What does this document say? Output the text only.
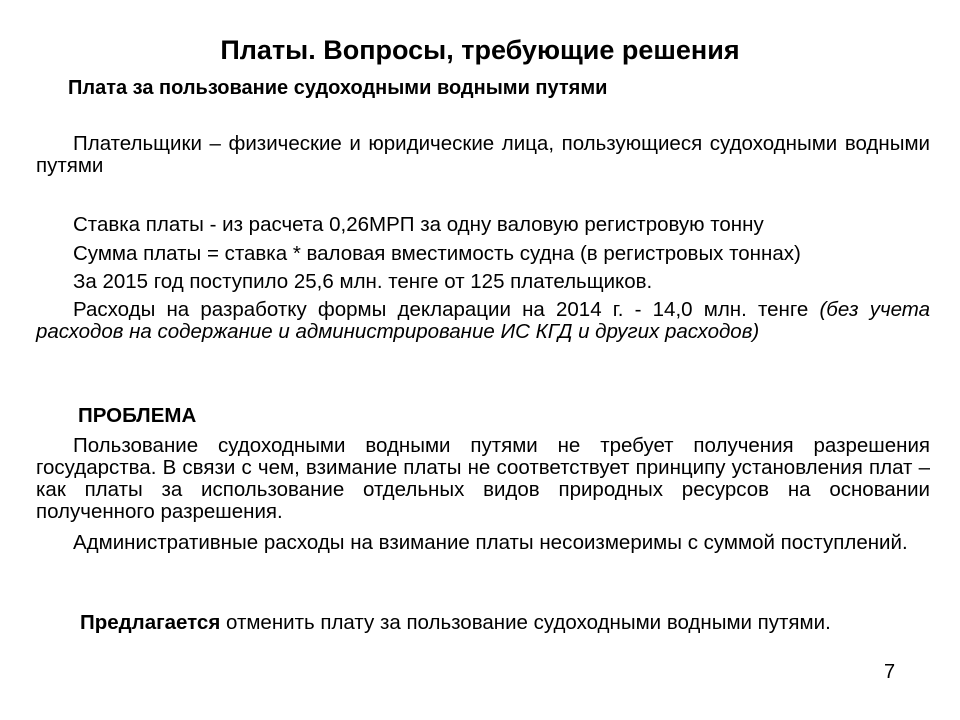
Платы. Вопросы, требующие решения
Плата за пользование судоходными водными путями

Плательщики – физические и юридические лица, пользующиеся судоходными водными путями

Ставка платы - из расчета 0,26МРП за одну валовую регистровую тонну

Сумма платы = ставка * валовая вместимость судна (в регистровых тоннах)

За 2015 год поступило 25,6 млн. тенге от 125 плательщиков.

Расходы на разработку формы декларации на 2014 г. - 14,0 млн. тенге (без учета расходов на содержание и администрирование ИС КГД и других расходов)

ПРОБЛЕМА

Пользование судоходными водными путями не требует получения разрешения государства. В связи с чем, взимание платы не соответствует принципу установления плат – как платы за использование отдельных видов природных ресурсов на основании полученного разрешения.

Административные расходы на взимание платы несоизмеримы с суммой поступлений.

Предлагается отменить плату за пользование судоходными водными путями.

7
